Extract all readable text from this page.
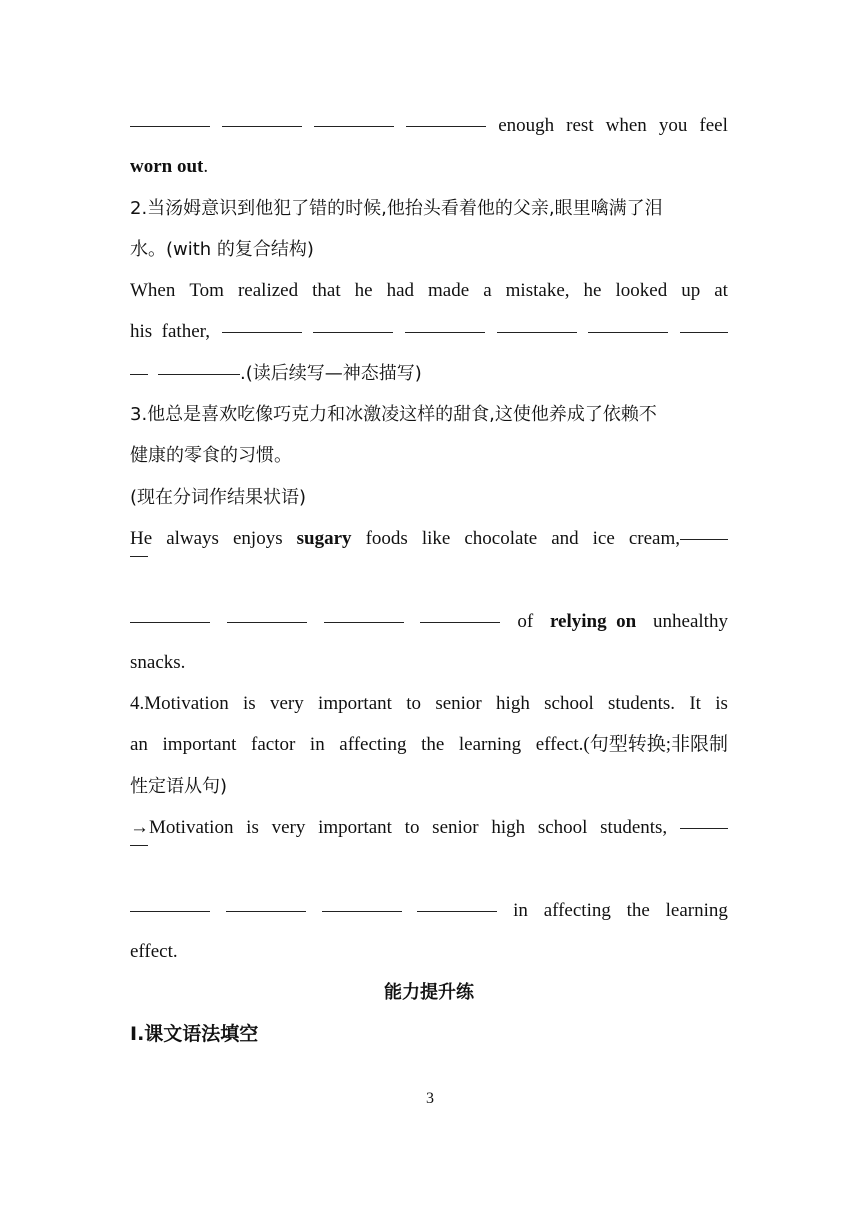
enough rest when you feel
worn out.
2.当汤姆意识到他犯了错的时候,他抬头看着他的父亲,眼里噙满了泪
水。(with 的复合结构)
When Tom realized that he had made a mistake, he looked up at
his  father,
.(读后续写—神态描写)
3.他总是喜欢吃像巧克力和冰激凌这样的甜食,这使他养成了依赖不
健康的零食的习惯。
(现在分词作结果状语)
He always enjoys sugary foods like chocolate and ice cream,
of relying  on unhealthy
snacks.
4.Motivation is very important to senior high school students. It is
an important factor in affecting the learning effect.(句型转换;非限制
性定语从句)
→Motivation is very important to senior high school students,
in affecting the learning
effect.
能力提升练
Ⅰ.课文语法填空
3
